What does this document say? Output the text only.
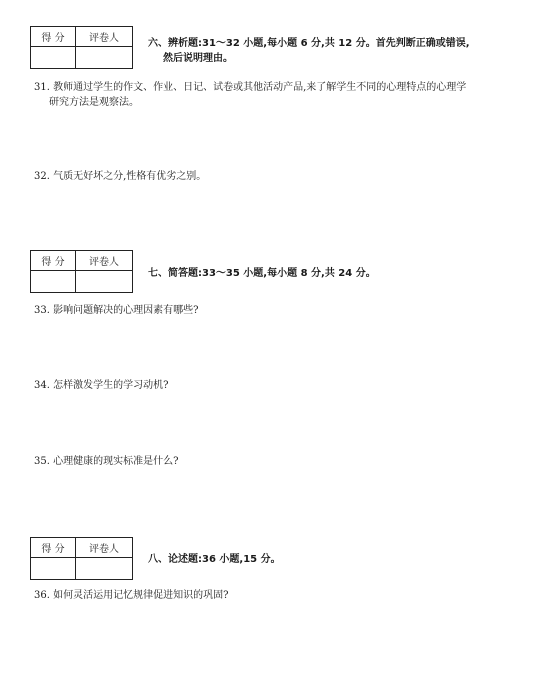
得 分	评卷人
		六、辨析题:31～32 小题,每小题 6 分,共 12 分。首先判断正确或错误,
然后说明理由。
31. 教师通过学生的作文、作业、日记、试卷或其他活动产品,来了解学生不同的心理特点的心理学
研究方法是观察法。
32. 气质无好坏之分,性格有优劣之别。
得 分	评卷人

七、简答题:33～35 小题,每小题 8 分,共 24 分。
33. 影响问题解决的心理因素有哪些?
34. 怎样激发学生的学习动机?
35. 心理健康的现实标准是什么?
得 分	评卷人

八、论述题:36 小题,15 分。
36. 如何灵活运用记忆规律促进知识的巩固?
